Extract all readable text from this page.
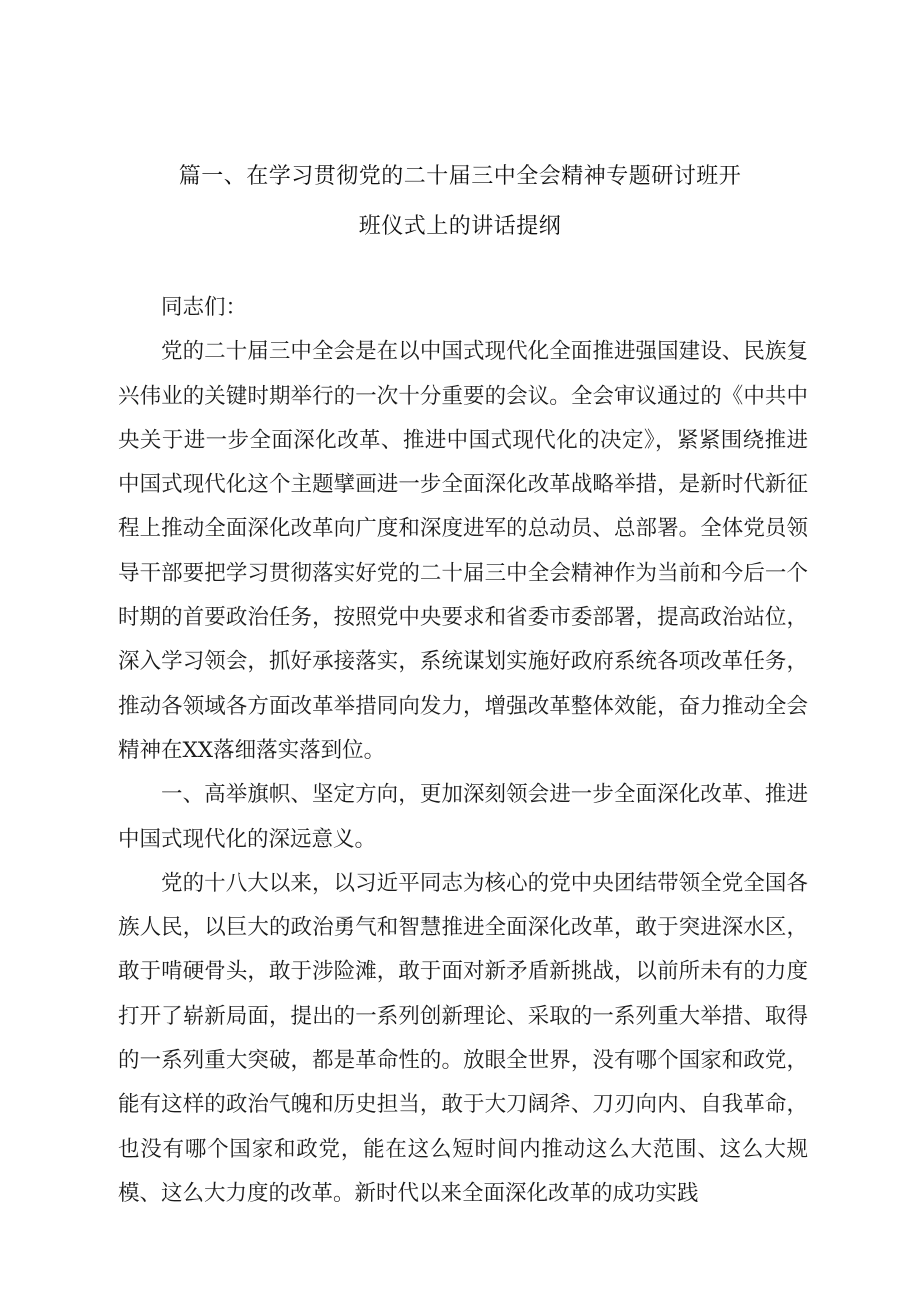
篇一、在学习贯彻党的二十届三中全会精神专题研讨班开
班仪式上的讲话提纲

同志们：

党的二十届三中全会是在以中国式现代化全面推进强国建设、民族复兴伟业的关键时期举行的一次十分重要的会议。全会审议通过的《中共中央关于进一步全面深化改革、推进中国式现代化的决定》，紧紧围绕推进中国式现代化这个主题擘画进一步全面深化改革战略举措，是新时代新征程上推动全面深化改革向广度和深度进军的总动员、总部署。全体党员领导干部要把学习贯彻落实好党的二十届三中全会精神作为当前和今后一个时期的首要政治任务，按照党中央要求和省委市委部署，提高政治站位，深入学习领会，抓好承接落实，系统谋划实施好政府系统各项改革任务，推动各领域各方面改革举措同向发力，增强改革整体效能，奋力推动全会精神在XX落细落实落到位。

一、高举旗帜、坚定方向，更加深刻领会进一步全面深化改革、推进中国式现代化的深远意义。

党的十八大以来，以习近平同志为核心的党中央团结带领全党全国各族人民，以巨大的政治勇气和智慧推进全面深化改革，敢于突进深水区，敢于啃硬骨头，敢于涉险滩，敢于面对新矛盾新挑战，以前所未有的力度打开了崭新局面，提出的一系列创新理论、采取的一系列重大举措、取得的一系列重大突破，都是革命性的。放眼全世界，没有哪个国家和政党，能有这样的政治气魄和历史担当，敢于大刀阔斧、刀刃向内、自我革命，也没有哪个国家和政党，能在这么短时间内推动这么大范围、这么大规模、这么大力度的改革。新时代以来全面深化改革的成功实践
